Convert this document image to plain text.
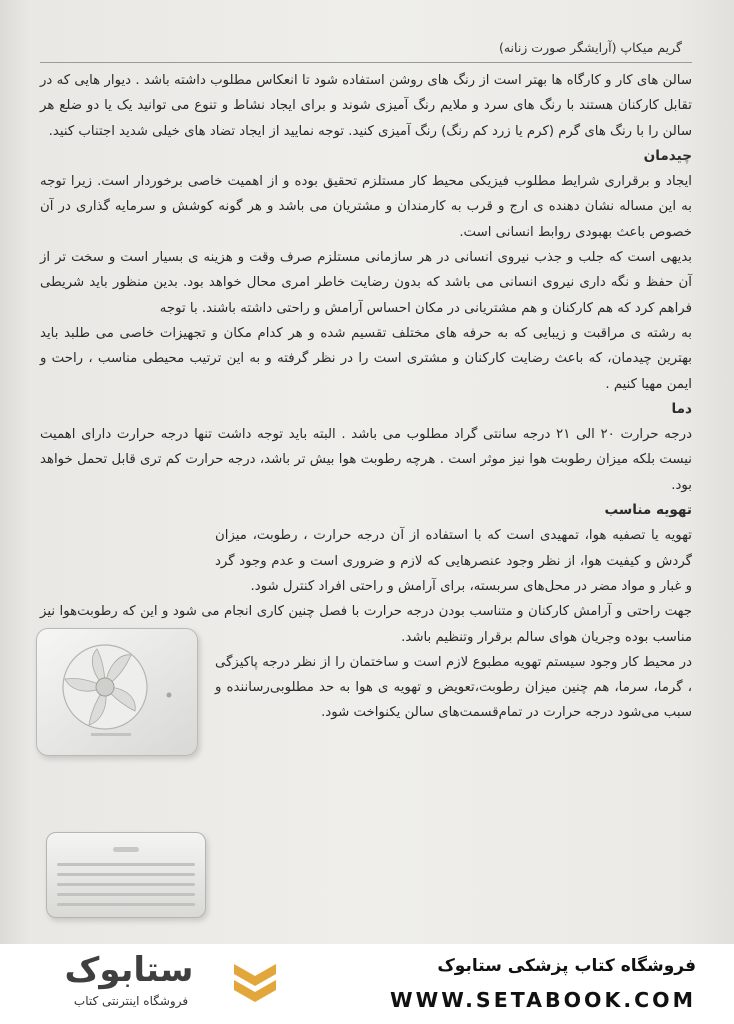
گریم میکاپ (آرایشگر صورت زنانه)

سالن های کار و کارگاه ها بهتر است از رنگ های روشن استفاده شود تا انعکاس مطلوب داشته باشد . دیوار هایی که در تقابل کارکنان هستند با رنگ های سرد و ملایم رنگ آمیزی شوند و برای ایجاد نشاط و تنوع می توانید یک یا دو ضلع هر سالن را با رنگ های گرم (کرم یا زرد کم رنگ) رنگ آمیزی کنید. توجه نمایید از ایجاد تضاد های خیلی شدید اجتناب کنید.

چیدمان

ایجاد و برقراری شرایط مطلوب فیزیکی محیط کار مستلزم تحقیق بوده و از اهمیت خاصی برخوردار است. زیرا توجه به این مساله نشان دهنده ی ارج و قرب به کارمندان و مشتریان می باشد و هر گونه کوشش و سرمایه گذاری در آن خصوص باعث بهبودی روابط انسانی است.

بدیهی است که جلب و جذب نیروی انسانی در هر سازمانی مستلزم صرف وقت و هزینه ی بسیار است و سخت تر از آن حفظ و نگه داری نیروی انسانی می باشد که بدون رضایت خاطر امری محال خواهد بود. بدین منظور باید شریطی فراهم کرد که هم کارکنان و هم مشتریانی در مکان احساس آرامش و راحتی داشته باشند. با توجه

به رشته ی مراقبت و زیبایی که به حرفه های مختلف تقسیم شده و هر کدام مکان و تجهیزات خاصی می طلبد باید بهترین چیدمان، که باعث رضایت کارکنان و مشتری است را در نظر گرفته و به این ترتیب محیطی مناسب ، راحت و ایمن مهیا کنیم .

دما

درجه حرارت ۲۰ الی ۲۱ درجه سانتی گراد مطلوب می باشد . البته باید توجه داشت تنها درجه حرارت دارای اهمیت نیست بلکه میزان رطوبت هوا نیز موثر است . هرچه رطوبت هوا بیش تر باشد، درجه حرارت کم تری قابل تحمل خواهد بود.

تهویه مناسب

تهویه یا تصفیه هوا، تمهیدی است که با استفاده از آن درجه حرارت ، رطوبت، میزان گردش و کیفیت هوا، از نظر وجود عنصرهایی که لازم و ضروری است و عدم وجود گرد و غبار و مواد مضر در محل‌های سربسته، برای آرامش و راحتی افراد کنترل شود.

جهت راحتی و آرامش کارکنان و متناسب بودن درجه حرارت با فصل چنین کاری انجام می شود و این که رطوبت‌هوا نیز مناسب بوده وجریان هوای سالم برقرار وتنظیم باشد.

در محیط کار وجود سیستم تهویه مطبوع لازم است و ساختمان را از نظر درجه پاکیزگی ، گرما، سرما، هم چنین میزان رطوبت،تعویض و تهویه ی هوا به حد مطلوبی‌رساننده و سبب می‌شود درجه حرارت در تمام‌قسمت‌های سالن یکنواخت شود.

ستابوک
فروشگاه اینترنتی کتاب
فروشگاه کتاب پزشکی ستابوک
WWW.SETABOOK.COM
